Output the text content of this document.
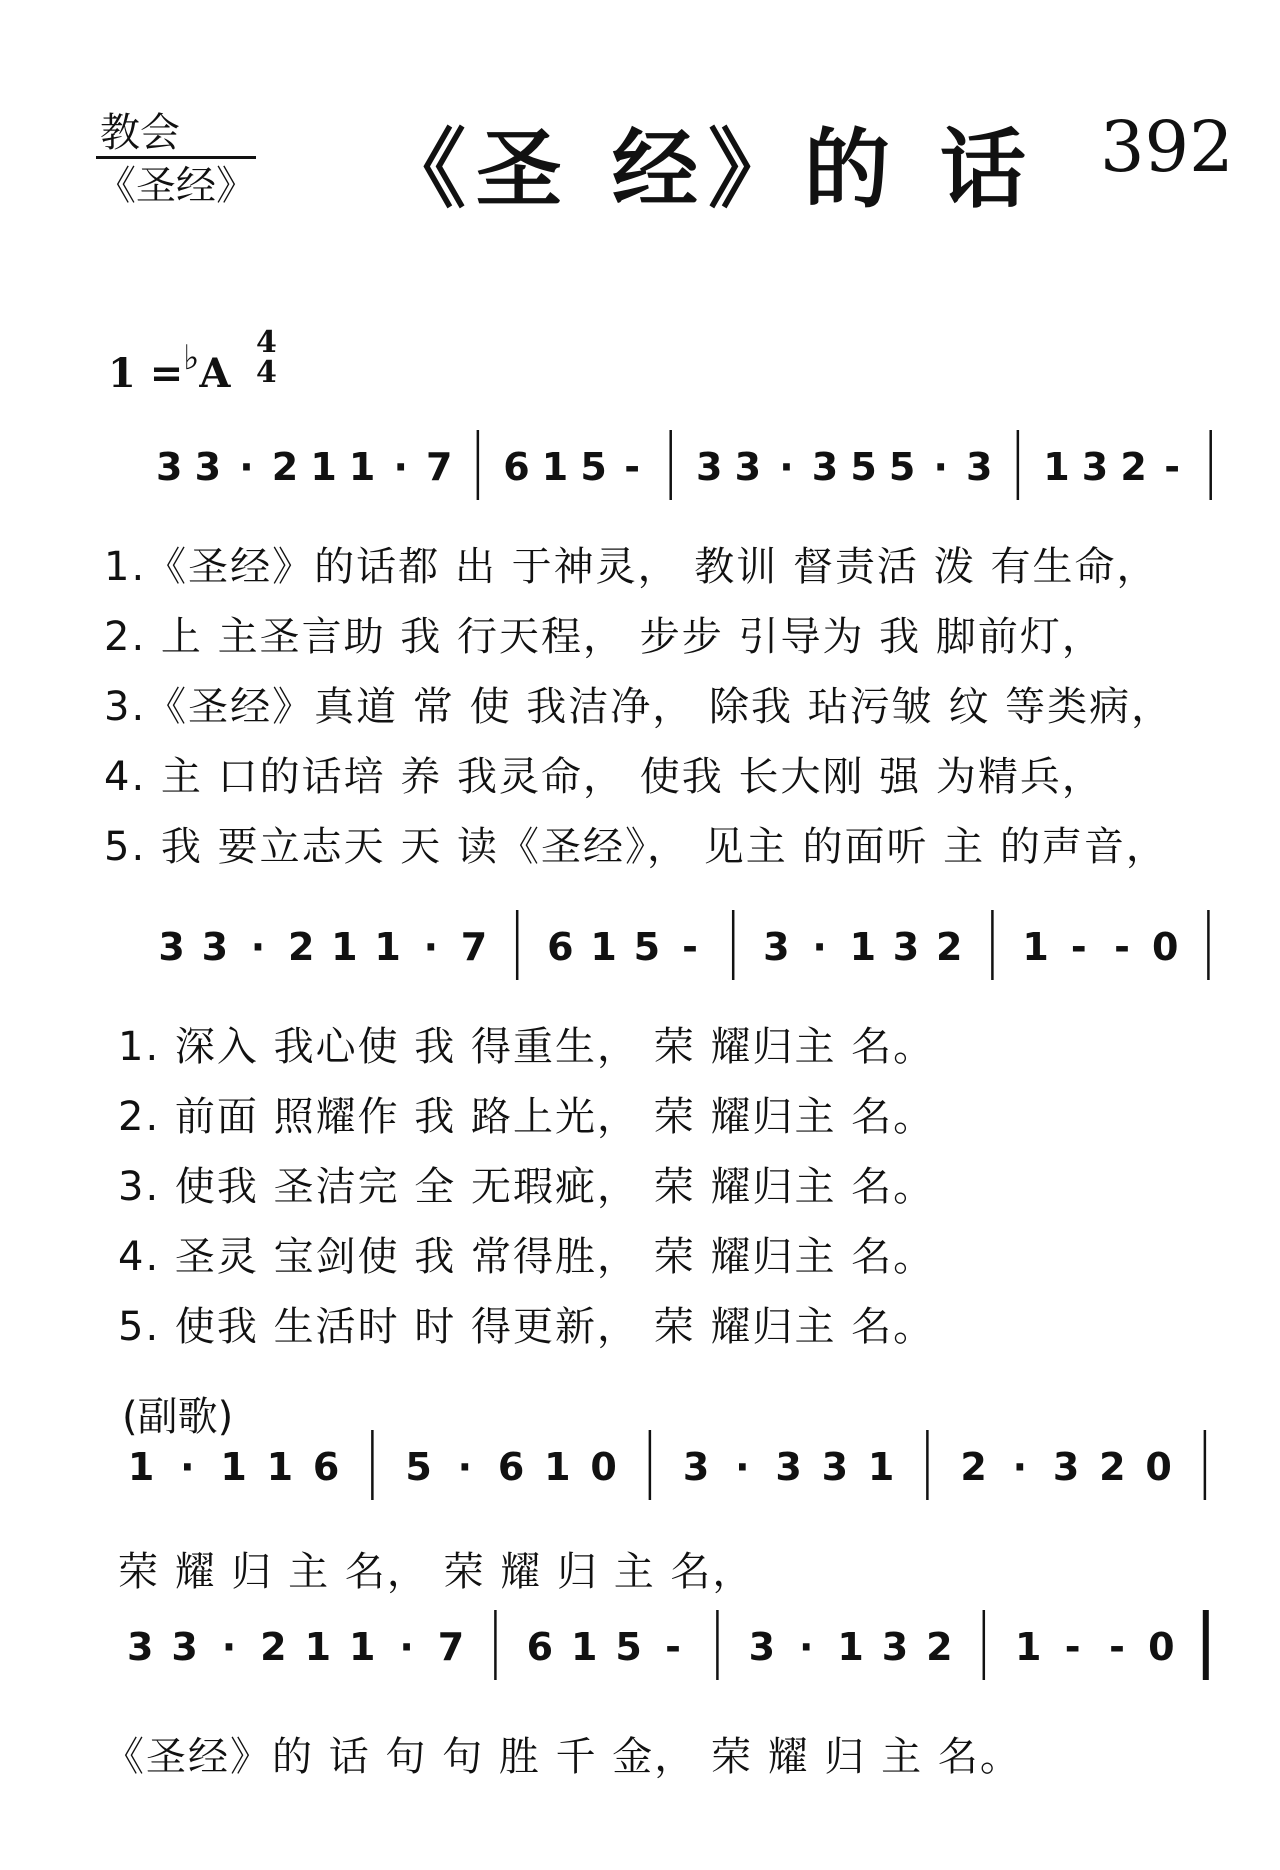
教会
《圣经》 《圣 经》的 话 392
1 =♭A
4
4
3 3 · 2 1 1 · 7 6 1 5 - 3 3 · 3 5 5 · 3 1 3 2 -
1.《圣经》的话都 出 于神灵， 教训 督责活 泼 有生命，
2. 上 主圣言助 我 行天程， 步步 引导为 我 脚前灯，
3.《圣经》真道 常 使 我洁净， 除我 玷污皱 纹 等类病，
4. 主 口的话培 养 我灵命， 使我 长大刚 强 为精兵，
5. 我 要立志天 天 读《圣经》， 见主 的面听 主 的声音，
3 3 · 2 1 1 · 7 6 1 5 - 3 · 1 3 2 1 - - 0
1. 深入 我心使 我 得重生， 荣 耀归主 名。
2. 前面 照耀作 我 路上光， 荣 耀归主 名。
3. 使我 圣洁完 全 无瑕疵， 荣 耀归主 名。
4. 圣灵 宝剑使 我 常得胜， 荣 耀归主 名。
5. 使我 生活时 时 得更新， 荣 耀归主 名。
(副歌)
1 · 1 1 6 5 · 6 1 0 3 · 3 3 1 2 · 3 2 0
荣 耀 归 主 名， 荣 耀 归 主 名，
3 3 · 2 1 1 · 7 6 1 5 - 3 · 1 3 2 1 - - 0
《圣经》的 话 句 句 胜 千 金， 荣 耀 归 主 名。
